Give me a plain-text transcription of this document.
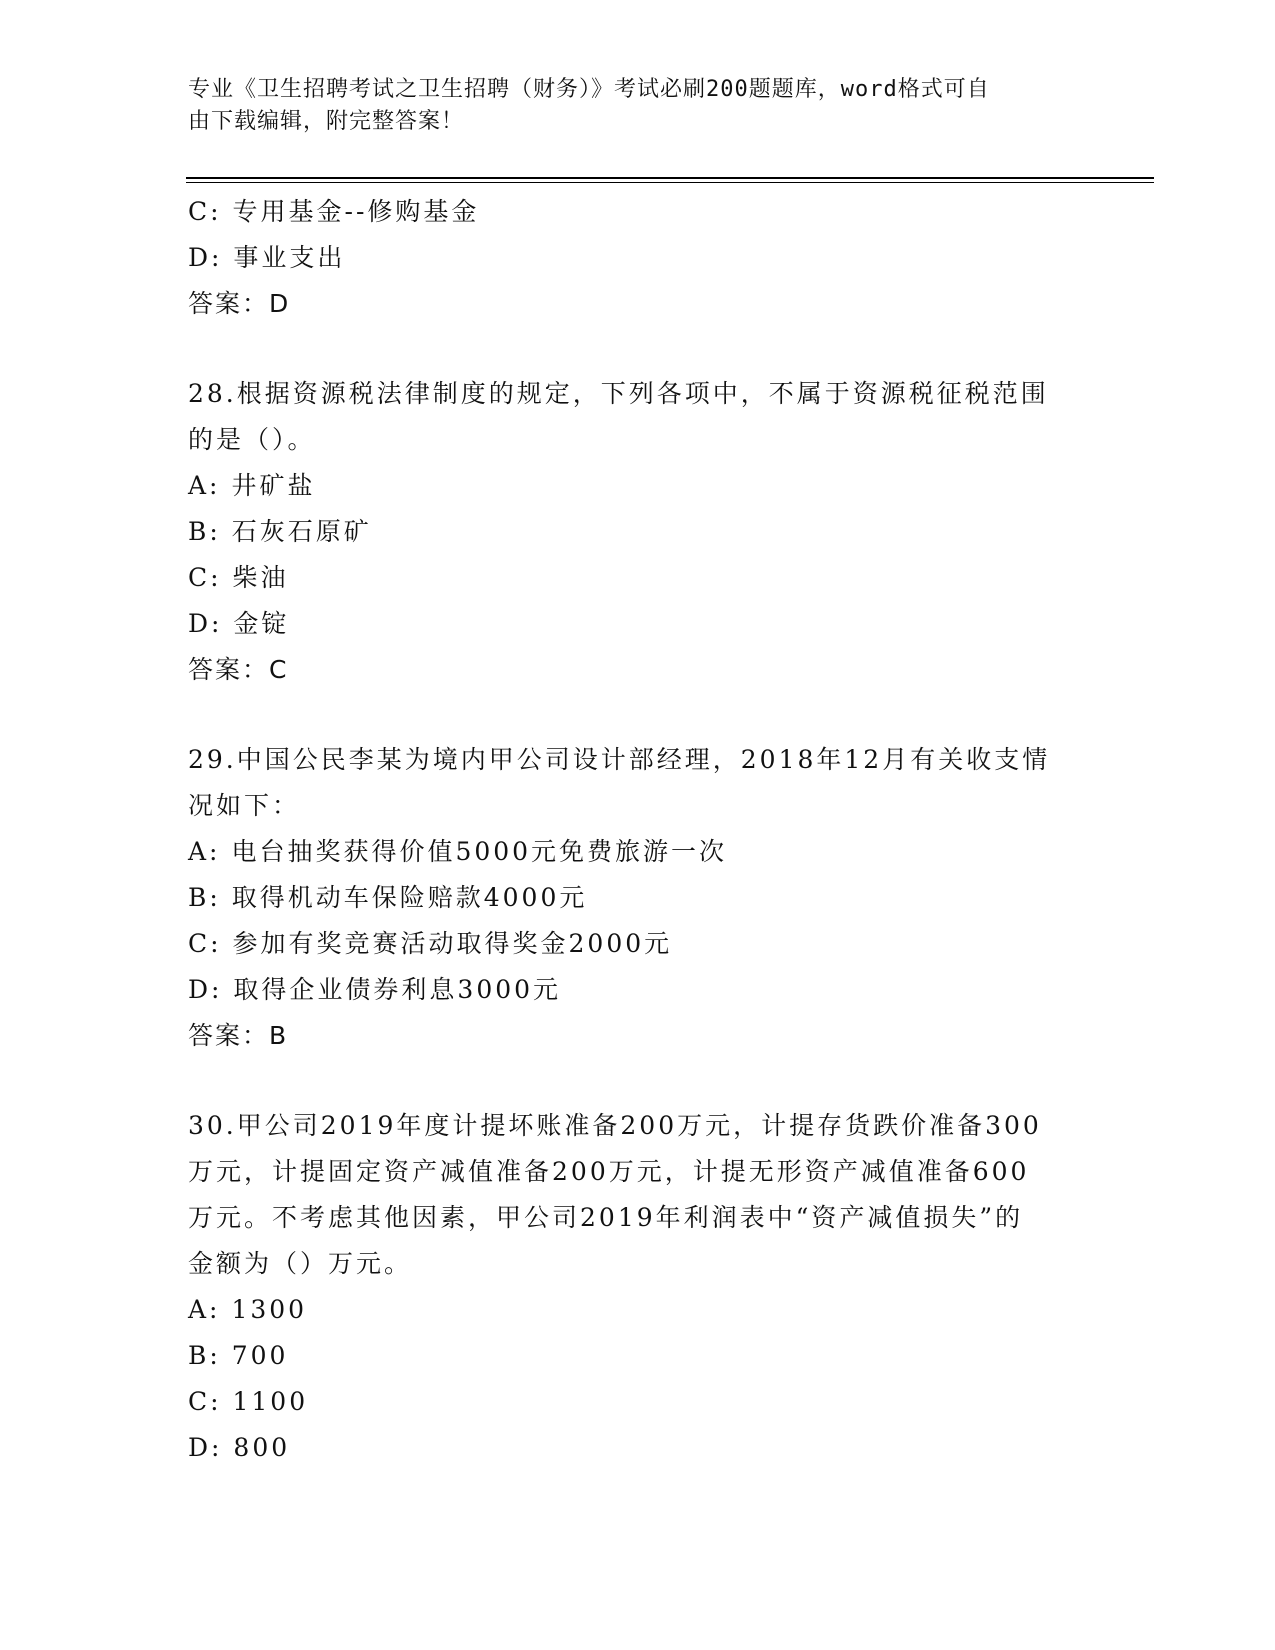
专业《卫生招聘考试之卫生招聘（财务）》考试必刷200题题库，word格式可自
由下载编辑，附完整答案！
C: 专用基金--修购基金
D: 事业支出
答案：D
28.根据资源税法律制度的规定，下列各项中，不属于资源税征税范围
的是（）。
A: 井矿盐
B: 石灰石原矿
C: 柴油
D: 金锭
答案：C
29.中国公民李某为境内甲公司设计部经理，2018年12月有关收支情
况如下：
A: 电台抽奖获得价值5000元免费旅游一次
B: 取得机动车保险赔款4000元
C: 参加有奖竞赛活动取得奖金2000元
D: 取得企业债券利息3000元
答案：B
30.甲公司2019年度计提坏账准备200万元，计提存货跌价准备300
万元，计提固定资产减值准备200万元，计提无形资产减值准备600
万元。不考虑其他因素，甲公司2019年利润表中“资产减值损失”的
金额为（）万元。
A: 1300
B: 700
C: 1100
D: 800
